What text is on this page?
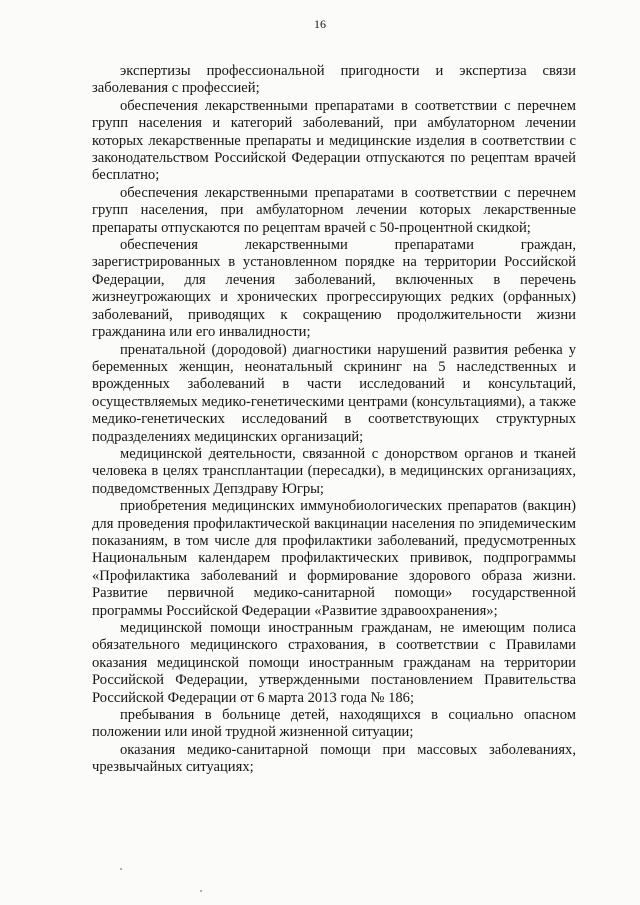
16

экспертизы профессиональной пригодности и экспертиза связи заболевания с профессией;

обеспечения лекарственными препаратами в соответствии с перечнем групп населения и категорий заболеваний, при амбулаторном лечении которых лекарственные препараты и медицинские изделия в соответствии с законодательством Российской Федерации отпускаются по рецептам врачей бесплатно;

обеспечения лекарственными препаратами в соответствии с перечнем групп населения, при амбулаторном лечении которых лекарственные препараты отпускаются по рецептам врачей с 50-процентной скидкой;

обеспечения лекарственными препаратами граждан, зарегистрированных в установленном порядке на территории Российской Федерации, для лечения заболеваний, включенных в перечень жизнеугрожающих и хронических прогрессирующих редких (орфанных) заболеваний, приводящих к сокращению продолжительности жизни гражданина или его инвалидности;

пренатальной (дородовой) диагностики нарушений развития ребенка у беременных женщин, неонатальный скрининг на 5 наследственных и врожденных заболеваний в части исследований и консультаций, осуществляемых медико-генетическими центрами (консультациями), а также медико-генетических исследований в соответствующих структурных подразделениях медицинских организаций;

медицинской деятельности, связанной с донорством органов и тканей человека в целях трансплантации (пересадки), в медицинских организациях, подведомственных Депздраву Югры;

приобретения медицинских иммунобиологических препаратов (вакцин) для проведения профилактической вакцинации населения по эпидемическим показаниям, в том числе для профилактики заболеваний, предусмотренных Национальным календарем профилактических прививок, подпрограммы «Профилактика заболеваний и формирование здорового образа жизни. Развитие первичной медико-санитарной помощи» государственной программы Российской Федерации «Развитие здравоохранения»;

медицинской помощи иностранным гражданам, не имеющим полиса обязательного медицинского страхования, в соответствии с Правилами оказания медицинской помощи иностранным гражданам на территории Российской Федерации, утвержденными постановлением Правительства Российской Федерации от 6 марта 2013 года № 186;

пребывания в больнице детей, находящихся в социально опасном положении или иной трудной жизненной ситуации;

оказания медико-санитарной помощи при массовых заболеваниях, чрезвычайных ситуациях;
